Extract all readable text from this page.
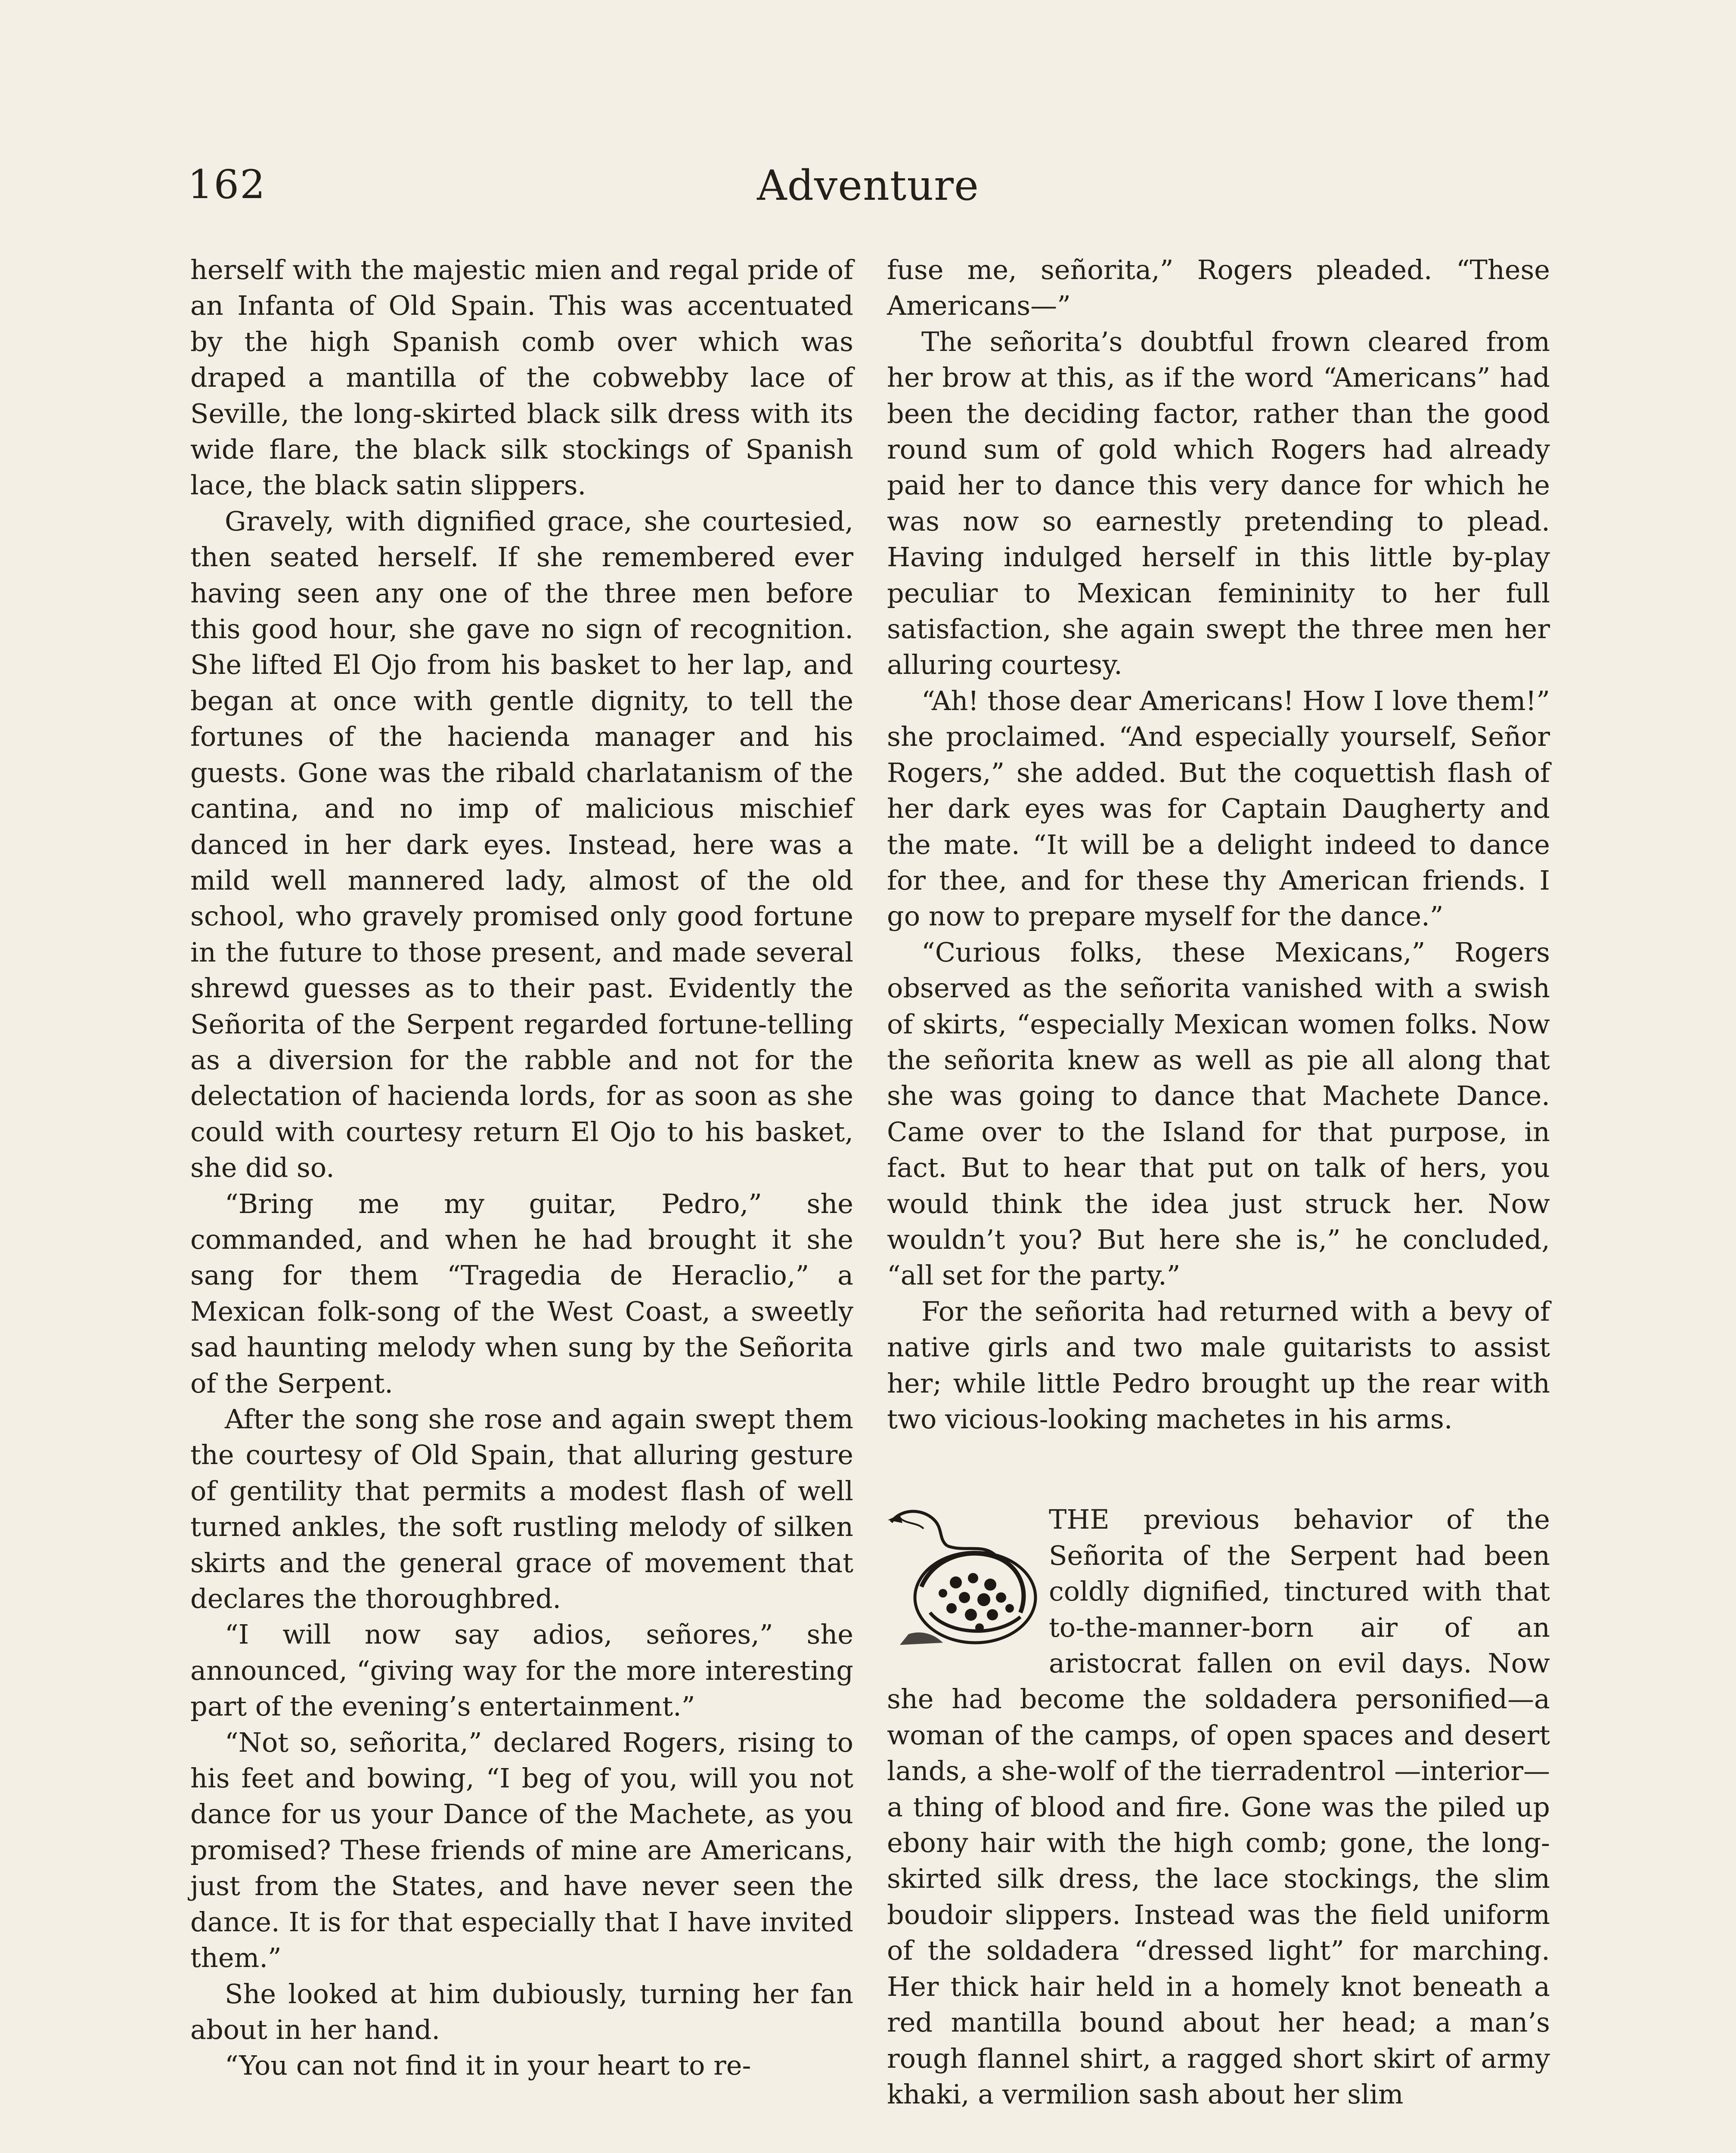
162	Adventure

herself with the majestic mien and regal pride of an Infanta of Old Spain. This was accentuated by the high Spanish comb over which was draped a mantilla of the cobwebby lace of Seville, the long-skirted black silk dress with its wide flare, the black silk stockings of Spanish lace, the black satin slippers.

Gravely, with dignified grace, she courtesied, then seated herself. If she remembered ever having seen any one of the three men before this good hour, she gave no sign of recognition. She lifted El Ojo from his basket to her lap, and began at once with gentle dignity, to tell the fortunes of the hacienda manager and his guests. Gone was the ribald charlatanism of the cantina, and no imp of malicious mischief danced in her dark eyes. Instead, here was a mild well mannered lady, almost of the old school, who gravely promised only good fortune in the future to those present, and made several shrewd guesses as to their past. Evidently the Señorita of the Serpent regarded fortune-telling as a diversion for the rabble and not for the delectation of hacienda lords, for as soon as she could with courtesy return El Ojo to his basket, she did so.

“Bring me my guitar, Pedro,” she commanded, and when he had brought it she sang for them “Tragedia de Heraclio,” a Mexican folk-song of the West Coast, a sweetly sad haunting melody when sung by the Señorita of the Serpent.

After the song she rose and again swept them the courtesy of Old Spain, that alluring gesture of gentility that permits a modest flash of well turned ankles, the soft rustling melody of silken skirts and the general grace of movement that declares the thoroughbred.

“I will now say adios, señores,” she announced, “giving way for the more interesting part of the evening’s entertainment.”

“Not so, señorita,” declared Rogers, rising to his feet and bowing, “I beg of you, will you not dance for us your Dance of the Machete, as you promised? These friends of mine are Americans, just from the States, and have never seen the dance. It is for that especially that I have invited them.”

She looked at him dubiously, turning her fan about in her hand.

“You can not find it in your heart to re-

fuse me, señorita,” Rogers pleaded. “These Americans—”

The señorita’s doubtful frown cleared from her brow at this, as if the word “Americans” had been the deciding factor, rather than the good round sum of gold which Rogers had already paid her to dance this very dance for which he was now so earnestly pretending to plead. Having indulged herself in this little by-play peculiar to Mexican femininity to her full satisfaction, she again swept the three men her alluring courtesy.

“Ah! those dear Americans! How I love them!” she proclaimed. “And especially yourself, Señor Rogers,” she added. But the coquettish flash of her dark eyes was for Captain Daugherty and the mate. “It will be a delight indeed to dance for thee, and for these thy American friends. I go now to prepare myself for the dance.”

“Curious folks, these Mexicans,” Rogers observed as the señorita vanished with a swish of skirts, “especially Mexican women folks. Now the señorita knew as well as pie all along that she was going to dance that Machete Dance. Came over to the Island for that purpose, in fact. But to hear that put on talk of hers, you would think the idea just struck her. Now wouldn’t you? But here she is,” he concluded, “all set for the party.”

For the señorita had returned with a bevy of native girls and two male guitarists to assist her; while little Pedro brought up the rear with two vicious-looking machetes in his arms.

THE previous behavior of the Señorita of the Serpent had been coldly dignified, tinctured with that to-the-manner-born air of an aristocrat fallen on evil days. Now she had become the soldadera personified—a woman of the camps, of open spaces and desert lands, a she-wolf of the tierradentrol —interior—a thing of blood and fire. Gone was the piled up ebony hair with the high comb; gone, the long-skirted silk dress, the lace stockings, the slim boudoir slippers. Instead was the field uniform of the soldadera “dressed light” for marching. Her thick hair held in a homely knot beneath a red mantilla bound about her head; a man’s rough flannel shirt, a ragged short skirt of army khaki, a vermilion sash about her slim
